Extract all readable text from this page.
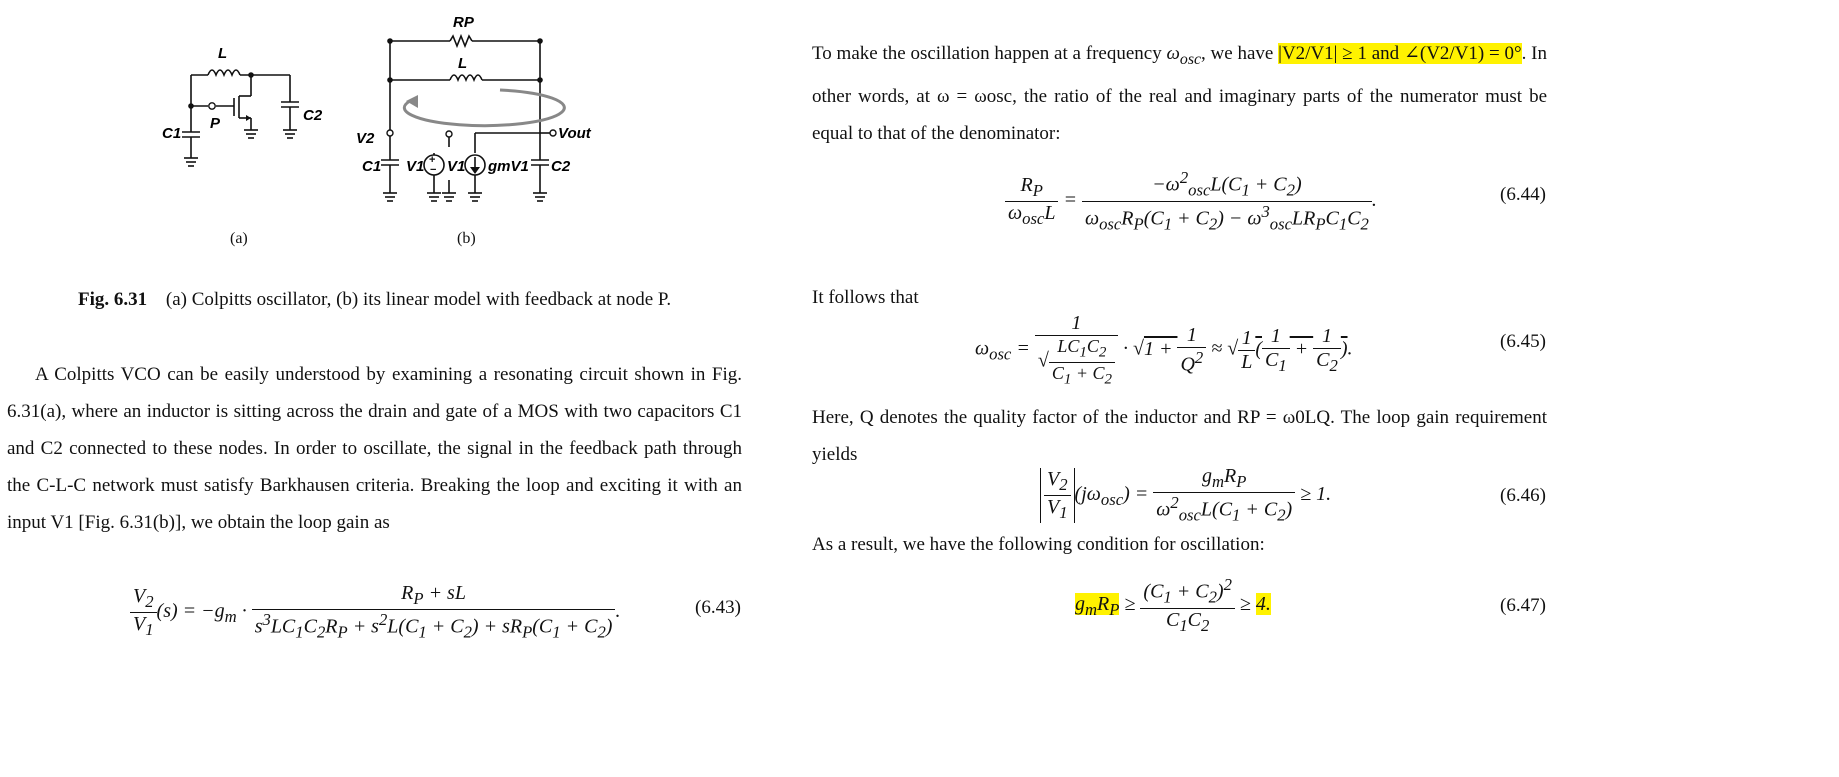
L
C1
C2
P
(a)
+
−
RP
L
V2	Vout
C1 V1 V1 gmV1 C2
(b)
Fig. 6.31 (a) Colpitts oscillator, (b) its linear model with feedback at node P.
A Colpitts VCO can be easily understood by examining a resonating circuit shown in Fig. 6.31(a), where an inductor is sitting across the drain and gate of a MOS with two capacitors C1 and C2 connected to these nodes. In order to oscillate, the signal in the feedback path through the C-L-C network must satisfy Barkhausen criteria. Breaking the loop and exciting it with an input V1 [Fig. 6.31(b)], we obtain the loop gain as
$\frac{V_2}{V_1} (s) = -g_m \cdot \frac{R_P + sL}{s^3LC_1C_2R_P + s^2L(C_1 + C_2) + sR_P(C_1 + C_2)}$ .	(6.43)
To make the oscillation happen at a frequency $\omega_{osc}$, we have |V2/V1| ≥ 1 and ∠(V2/V1) = 0°. In other words, at ω = ωosc, the ratio of the real and imaginary parts of the numerator must be equal to that of the denominator:
$\frac{R_P}{\omega_{osc}L} = \frac{-\omega^2_{osc}L(C_1 + C_2)}{\omega_{osc}R_P(C_1 + C_2) - \omega^3_{osc}LR_PC_1C_2}$ .	(6.44)
It follows that
$\omega_{osc} = \frac{1}{√ \frac{LC_1C_2}{C_1 + C_2}} \cdot √1 + \frac{1}{Q^2}$ ≈ √ $\frac{1}{L}$ ( $\frac{1}{C_1} + \frac{1}{C_2}$ ).	(6.45)
Here, Q denotes the quality factor of the inductor and RP = ω0LQ. The loop gain requirement yields
$\frac{V_2}{V_1} (j\omega_{osc}) = \frac{g_mR_P}{\omega^2_{osc}L(C_1 + C_2)} \ge 1$.	(6.46)
As a result, we have the following condition for oscillation:
$g_mR_P \ge \frac{(C_1 + C_2)^2}{C_1C_2} \ge 4$.	(6.47)
